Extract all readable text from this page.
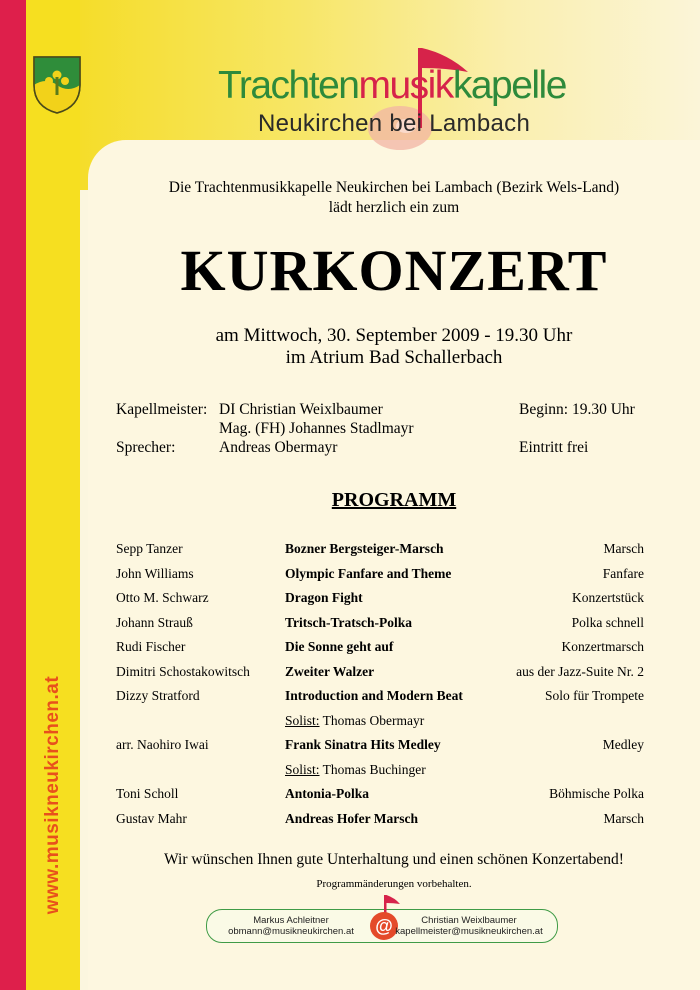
Trachtenmusikkapelle
Neukirchen bei Lambach
www.musikneukirchen.at
Die Trachtenmusikkapelle Neukirchen bei Lambach (Bezirk Wels-Land)
lädt herzlich ein zum
KURKONZERT
am Mittwoch, 30. September 2009 - 19.30 Uhr
im Atrium Bad Schallerbach
Kapellmeister: DI Christian Weixlbaumer	Beginn: 19.30 Uhr
Mag. (FH) Johannes Stadlmayr
Sprecher:	Andreas Obermayr	Eintritt frei
PROGRAMM
Sepp Tanzer	Bozner Bergsteiger-Marsch	Marsch
John Williams	Olympic Fanfare and Theme	Fanfare
Otto M. Schwarz	Dragon Fight	Konzertstück
Johann Strauß	Tritsch-Tratsch-Polka	Polka schnell
Rudi Fischer	Die Sonne geht auf	Konzertmarsch
Dimitri Schostakowitsch	Zweiter Walzer	aus der Jazz-Suite Nr. 2
Dizzy Stratford	Introduction and Modern Beat	Solo für Trompete
Solist: Thomas Obermayr
arr. Naohiro Iwai	Frank Sinatra Hits Medley	Medley
Solist: Thomas Buchinger
Toni Scholl	Antonia-Polka	Böhmische Polka
Gustav Mahr	Andreas Hofer Marsch	Marsch
Wir wünschen Ihnen gute Unterhaltung und einen schönen Konzertabend!
Programmänderungen vorbehalten.
Markus Achleitner
obmann@musikneukirchen.at	@	Christian Weixlbaumer
kapellmeister@musikneukirchen.at
